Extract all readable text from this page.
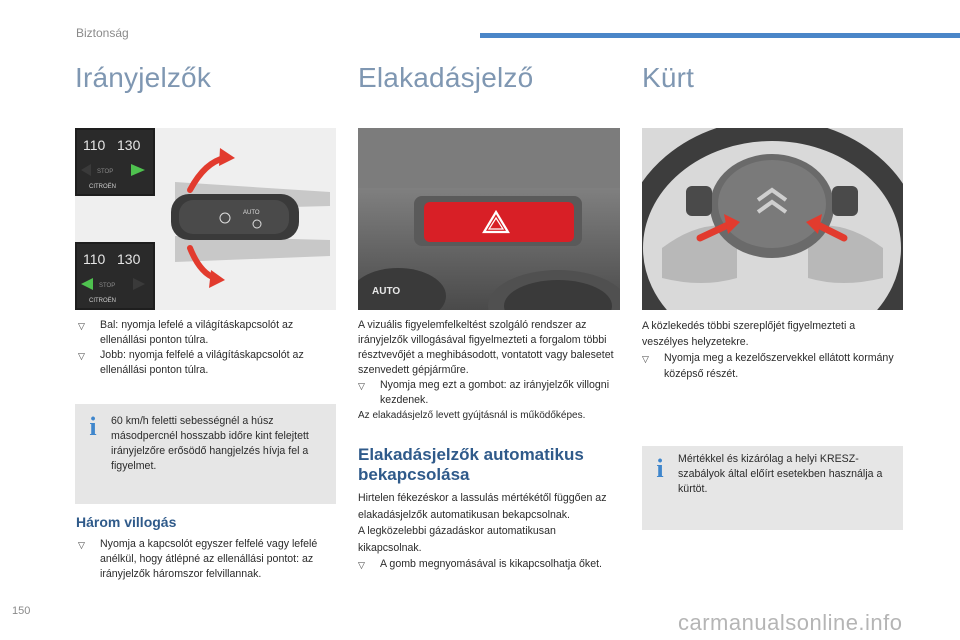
Biztonság
Irányjelzők	Elakadásjelző	Kürt
110 130
STOP
CITROËN
110 130
STOP
CITROËN
AUTO
AUTO
▽	Bal: nyomja lefelé a világításkapcsolót az ellenállási ponton túlra.
▽	Jobb: nyomja felfelé a világításkapcsolót az ellenállási ponton túlra.
i	60 km/h feletti sebességnél a húsz másodpercnél hosszabb időre kint felejtett irányjelzőre erősödő hangjelzés hívja fel a figyelmet.
Három villogás
▽	Nyomja a kapcsolót egyszer felfelé vagy lefelé anélkül, hogy átlépné az ellenállási pontot: az irányjelzők háromszor felvillannak.

A vizuális figyelemfelkeltést szolgáló rendszer az irányjelzők villogásával figyelmezteti a forgalom többi résztvevőjét a meghibásodott, vontatott vagy balesetet szenvedett gépjárműre.

▽	Nyomja meg ezt a gombot: az irányjelzők villogni kezdenek.

Az elakadásjelző levett gyújtásnál is működőképes.

Elakadásjelzők automatikus bekapcsolása

Hirtelen fékezéskor a lassulás mértékétől függően az elakadásjelzők automatikusan bekapcsolnak.

A legközelebbi gázadáskor automatikusan kikapcsolnak.

▽	A gomb megnyomásával is kikapcsolhatja őket.

A közlekedés többi szereplőjét figyelmezteti a veszélyes helyzetekre.

▽	Nyomja meg a kezelőszervekkel ellátott kormány középső részét.
i	Mértékkel és kizárólag a helyi KRESZ-szabályok által előírt esetekben használja a kürtöt.
150	carmanualsonline.info
